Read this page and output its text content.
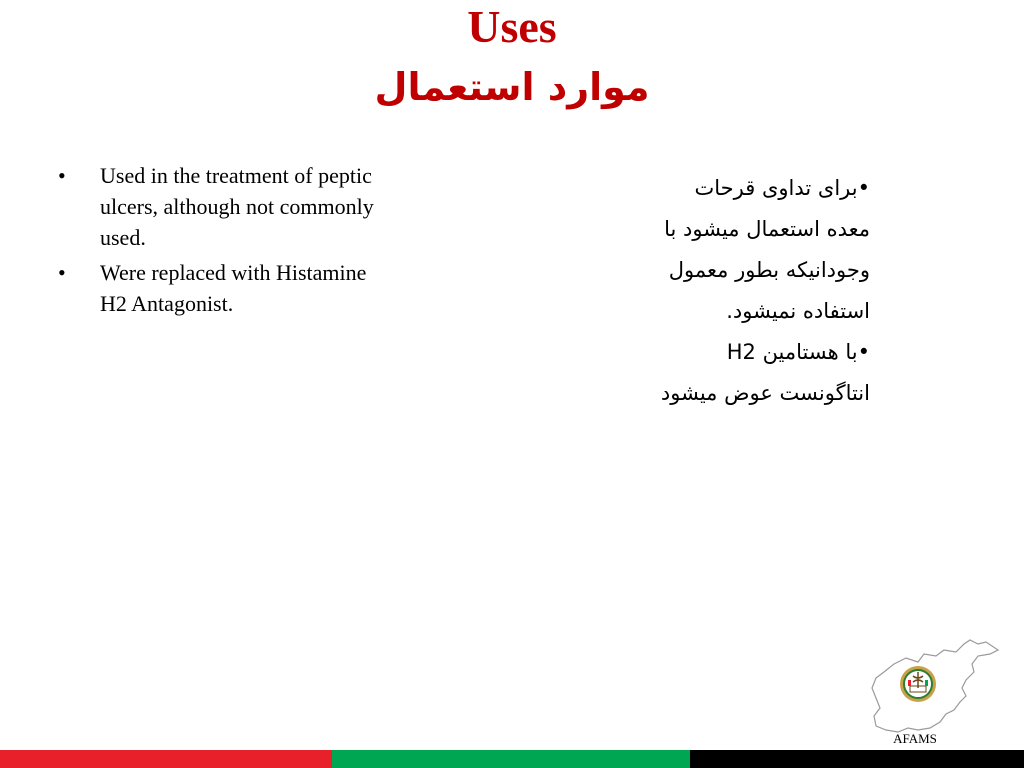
Uses
موارد استعمال
• Used in the treatment of peptic ulcers, although not commonly used.
• Were replaced with Histamine H2 Antagonist.
•برای تداوی قرحات
معده استعمال میشود با
وجودانیکه بطور معمول
استفاده نمیشود.
•با هستامین H2
انتاگونست عوض میشود
AFAMS
